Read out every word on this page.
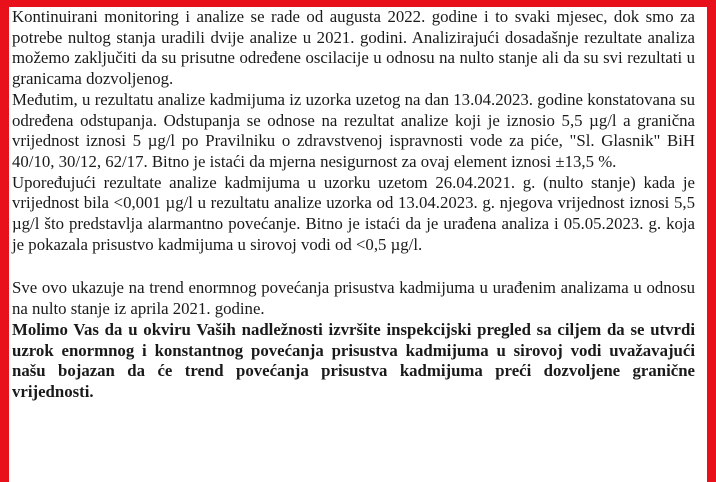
Kontinuirani monitoring i analize se rade od augusta 2022. godine i to svaki mjesec, dok smo za potrebe nultog stanja uradili dvije analize u 2021. godini. Analizirajući dosadašnje rezultate analiza možemo zaključiti da su prisutne određene oscilacije u odnosu na nulto stanje ali da su svi rezultati u granicama dozvoljenog.

Međutim, u rezultatu analize kadmijuma iz uzorka uzetog na dan 13.04.2023. godine konstatovana su određena odstupanja. Odstupanja se odnose na rezultat analize koji je iznosio 5,5 µg/l a granična vrijednost iznosi 5 µg/l po Pravilniku o zdravstvenoj ispravnosti vode za piće, "Sl. Glasnik" BiH 40/10, 30/12, 62/17. Bitno je istaći da mjerna nesigurnost za ovaj element iznosi ±13,5 %.

Upoređujući rezultate analize kadmijuma u uzorku uzetom 26.04.2021. g. (nulto stanje) kada je vrijednost bila <0,001 µg/l u rezultatu analize uzorka od 13.04.2023. g. njegova vrijednost iznosi 5,5 µg/l što predstavlja alarmantno povećanje. Bitno je istaći da je urađena analiza i 05.05.2023. g. koja je pokazala prisustvo kadmijuma u sirovoj vodi od <0,5 µg/l.

Sve ovo ukazuje na trend enormnog povećanja prisustva kadmijuma u urađenim analizama u odnosu na nulto stanje iz aprila 2021. godine.

Molimo Vas da u okviru Vaših nadležnosti izvršite inspekcijski pregled sa ciljem da se utvrdi uzrok enormnog i konstantnog povećanja prisustva kadmijuma u sirovoj vodi uvažavajući našu bojazan da će trend povećanja prisustva kadmijuma preći dozvoljene granične vrijednosti.
